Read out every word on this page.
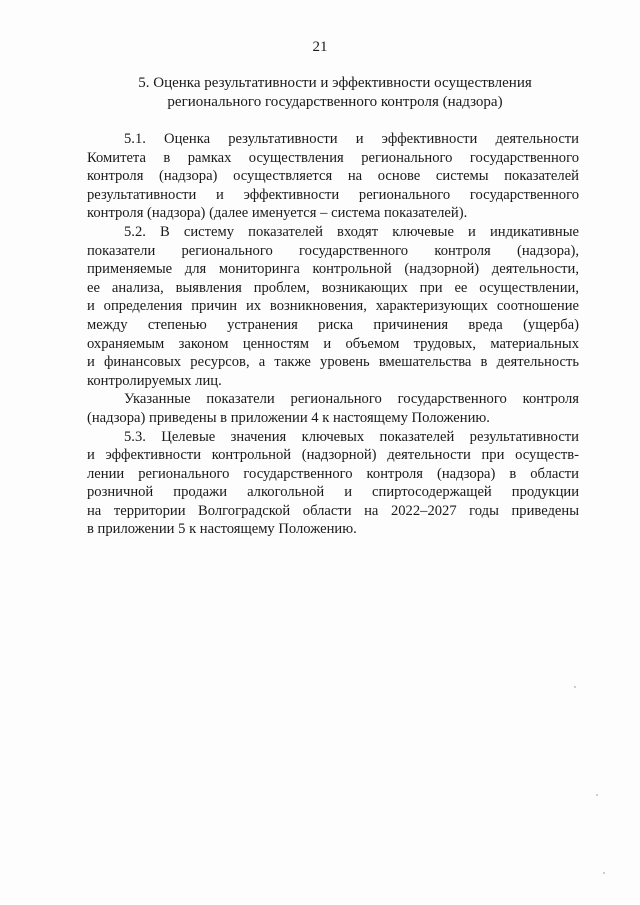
21
5. Оценка результативности и эффективности осуществления
регионального государственного контроля (надзора)
5.1. Оценка результативности и эффективности деятельности
Комитета в рамках осуществления регионального государственного
контроля (надзора) осуществляется на основе системы показателей
результативности и эффективности регионального государственного
контроля (надзора) (далее именуется – система показателей).
5.2. В систему показателей входят ключевые и индикативные
показатели регионального государственного контроля (надзора),
применяемые для мониторинга контрольной (надзорной) деятельности,
ее анализа, выявления проблем, возникающих при ее осуществлении,
и определения причин их возникновения, характеризующих соотношение
между степенью устранения риска причинения вреда (ущерба)
охраняемым законом ценностям и объемом трудовых, материальных
и финансовых ресурсов, а также уровень вмешательства в деятельность
контролируемых лиц.
Указанные показатели регионального государственного контроля
(надзора) приведены в приложении 4 к настоящему Положению.
5.3. Целевые значения ключевых показателей результативности
и эффективности контрольной (надзорной) деятельности при осуществ-
лении регионального государственного контроля (надзора) в области
розничной продажи алкогольной и спиртосодержащей продукции
на территории Волгоградской области на 2022–2027 годы приведены
в приложении 5 к настоящему Положению.
